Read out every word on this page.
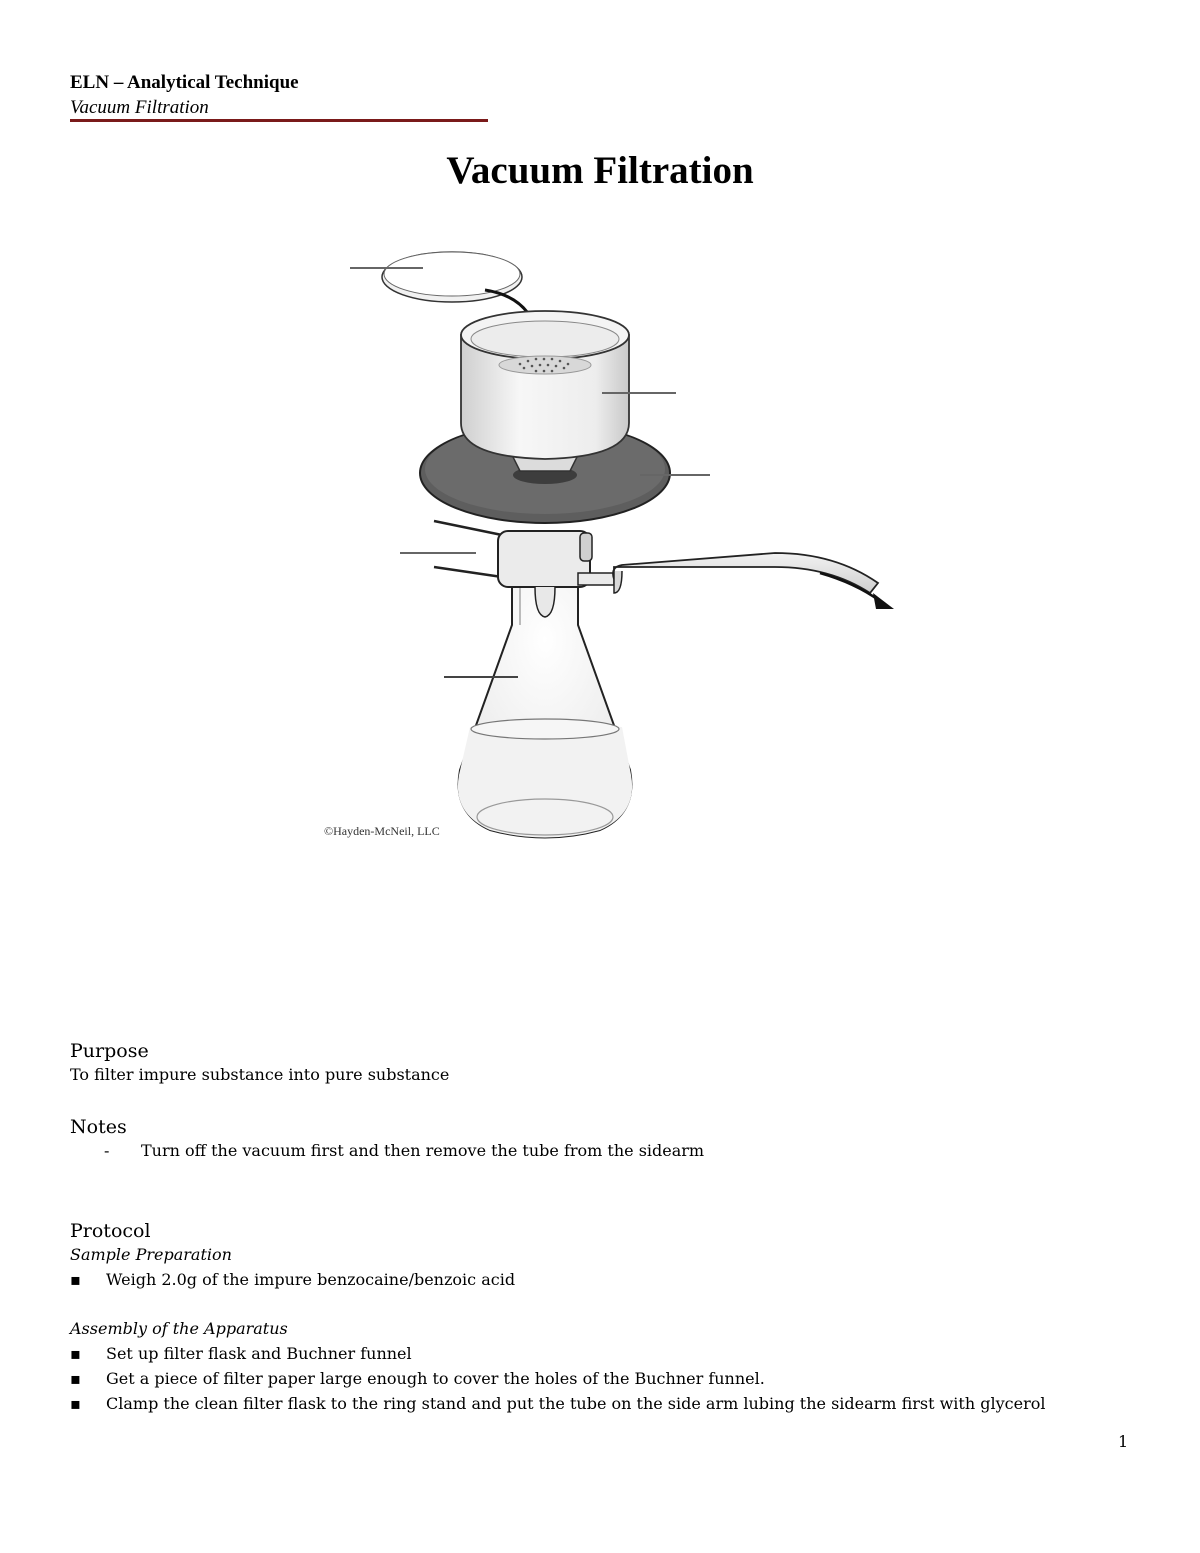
ELN – Analytical Technique
Vacuum Filtration
Vacuum Filtration
©Hayden-McNeil, LLC
Purpose
To filter impure substance into pure substance
Notes
-	Turn off the vacuum first and then remove the tube from the sidearm
Protocol
Sample Preparation
▪	Weigh 2.0g of the impure benzocaine/benzoic acid
Assembly of the Apparatus
▪	Set up filter flask and Buchner funnel
▪	Get a piece of filter paper large enough to cover the holes of the Buchner funnel.
▪	Clamp the clean filter flask to the ring stand and put the tube on the side arm lubing the sidearm first with glycerol
1
